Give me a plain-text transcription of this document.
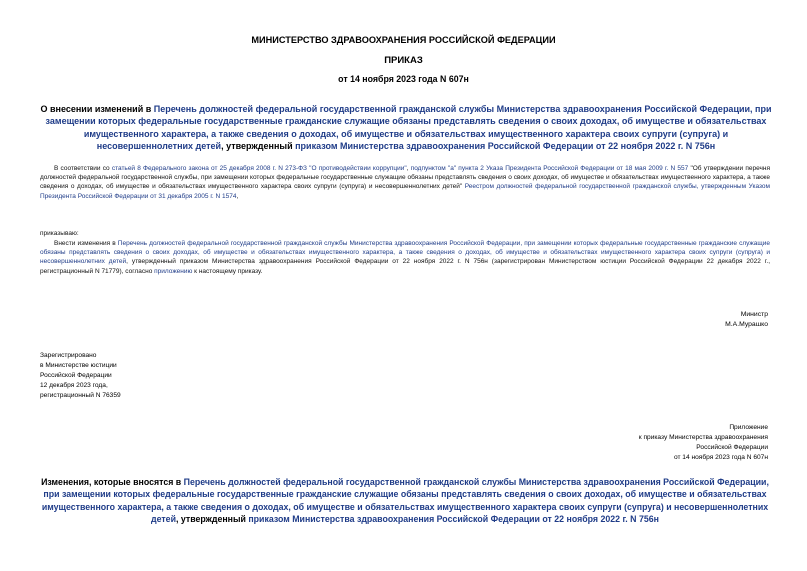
МИНИСТЕРСТВО ЗДРАВООХРАНЕНИЯ РОССИЙСКОЙ ФЕДЕРАЦИИ
ПРИКАЗ
от 14 ноября 2023 года N 607н
О внесении изменений в Перечень должностей федеральной государственной гражданской службы Министерства здравоохранения Российской Федерации, при замещении которых федеральные государственные гражданские служащие обязаны представлять сведения о своих доходах, об имуществе и обязательствах имущественного характера, а также сведения о доходах, об имуществе и обязательствах имущественного характера своих супруги (супруга) и несовершеннолетних детей, утвержденный приказом Министерства здравоохранения Российской Федерации от 22 ноября 2022 г. N 756н
В соответствии со статьей 8 Федерального закона от 25 декабря 2008 г. N 273-ФЗ "О противодействии коррупции", подпунктом "а" пункта 2 Указа Президента Российской Федерации от 18 мая 2009 г. N 557 "Об утверждении перечня должностей федеральной государственной службы, при замещении которых федеральные государственные служащие обязаны представлять сведения о своих доходах, об имуществе и обязательствах имущественного характера, а также сведения о доходах, об имуществе и обязательствах имущественного характера своих супруги (супруга) и несовершеннолетних детей" Реестром должностей федеральной государственной гражданской службы, утвержденным Указом Президента Российской Федерации от 31 декабря 2005 г. N 1574,
приказываю:
Внести изменения в Перечень должностей федеральной государственной гражданской службы Министерства здравоохранения Российской Федерации, при замещении которых федеральные государственные гражданские служащие обязаны представлять сведения о своих доходах, об имуществе и обязательствах имущественного характера, а также сведения о доходах, об имуществе и обязательствах имущественного характера своих супруги (супруга) и несовершеннолетних детей, утвержденный приказом Министерства здравоохранения Российской Федерации от 22 ноября 2022 г. N 756н (зарегистрирован Министерством юстиции Российской Федерации 22 декабря 2022 г., регистрационный N 71779), согласно приложению к настоящему приказу.
Министр
М.А.Мурашко
Зарегистрировано
в Министерстве юстиции
Российской Федерации
12 декабря 2023 года,
регистрационный N 76359
Приложение
к приказу Министерства здравоохранения
Российской Федерации
от 14 ноября 2023 года N 607н
Изменения, которые вносятся в Перечень должностей федеральной государственной гражданской службы Министерства здравоохранения Российской Федерации, при замещении которых федеральные государственные гражданские служащие обязаны представлять сведения о своих доходах, об имуществе и обязательствах имущественного характера, а также сведения о доходах, об имуществе и обязательствах имущественного характера своих супруги (супруга) и несовершеннолетних детей, утвержденный приказом Министерства здравоохранения Российской Федерации от 22 ноября 2022 г. N 756н
